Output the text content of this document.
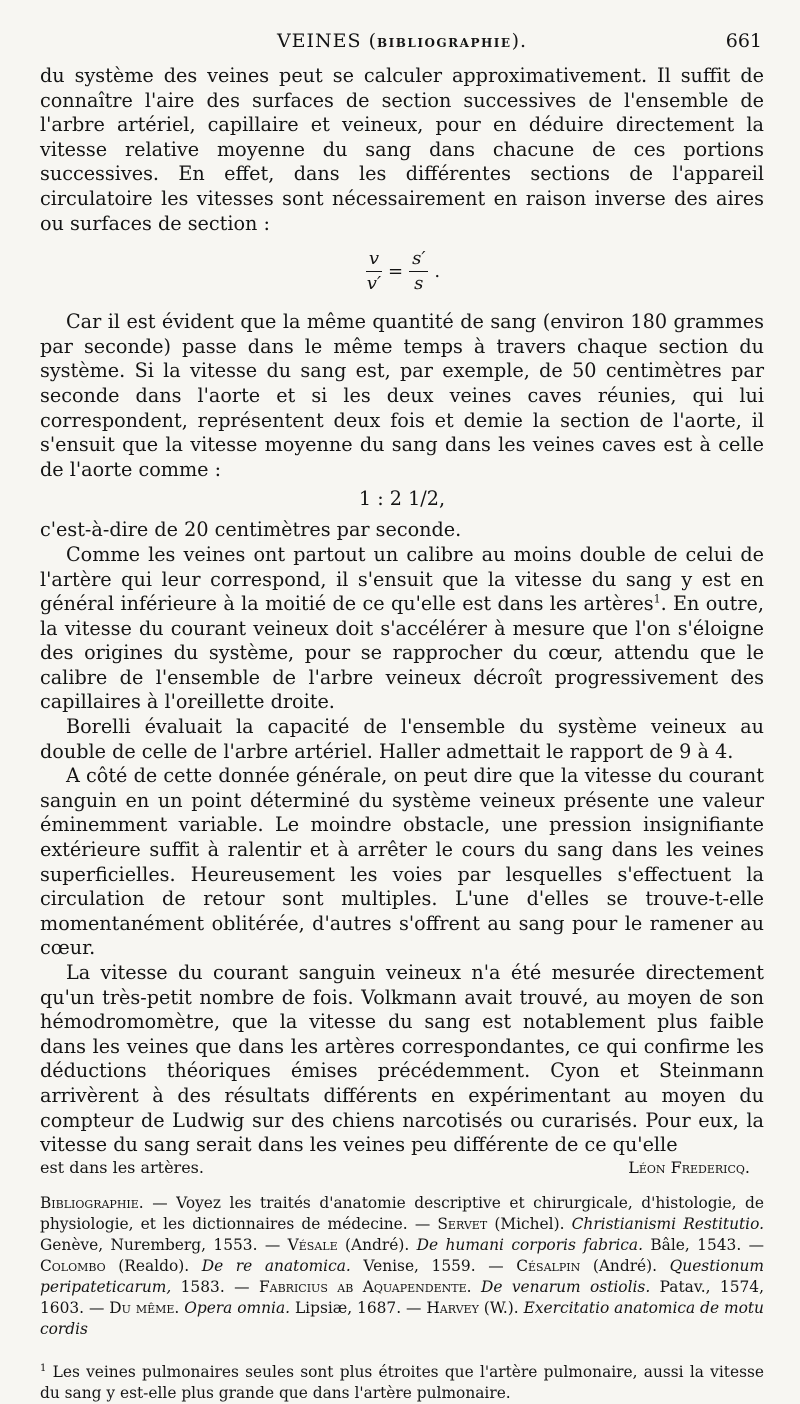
VEINES (BIBLIOGRAPHIE).	661

du système des veines peut se calculer approximativement. Il suffit de connaître l'aire des surfaces de section successives de l'ensemble de l'arbre artériel, capillaire et veineux, pour en déduire directement la vitesse relative moyenne du sang dans chacune de ces portions successives. En effet, dans les différentes sections de l'appareil circulatoire les vitesses sont nécessairement en raison inverse des aires ou surfaces de section :

$\frac{v}{v'} = \frac{s'}{s}$ .

Car il est évident que la même quantité de sang (environ 180 grammes par seconde) passe dans le même temps à travers chaque section du système. Si la vitesse du sang est, par exemple, de 50 centimètres par seconde dans l'aorte et si les deux veines caves réunies, qui lui correspondent, représentent deux fois et demie la section de l'aorte, il s'ensuit que la vitesse moyenne du sang dans les veines caves est à celle de l'aorte comme :

1 : 2 1/2,

c'est-à-dire de 20 centimètres par seconde.

Comme les veines ont partout un calibre au moins double de celui de l'artère qui leur correspond, il s'ensuit que la vitesse du sang y est en général inférieure à la moitié de ce qu'elle est dans les artères$^1$. En outre, la vitesse du courant veineux doit s'accélérer à mesure que l'on s'éloigne des origines du système, pour se rapprocher du cœur, attendu que le calibre de l'ensemble de l'arbre veineux décroît progressivement des capillaires à l'oreillette droite.

Borelli évaluait la capacité de l'ensemble du système veineux au double de celle de l'arbre artériel. Haller admettait le rapport de 9 à 4.

A côté de cette donnée générale, on peut dire que la vitesse du courant sanguin en un point déterminé du système veineux présente une valeur éminemment variable. Le moindre obstacle, une pression insignifiante extérieure suffit à ralentir et à arrêter le cours du sang dans les veines superficielles. Heureusement les voies par lesquelles s'effectuent la circulation de retour sont multiples. L'une d'elles se trouve-t-elle momentanément oblitérée, d'autres s'offrent au sang pour le ramener au cœur.

La vitesse du courant sanguin veineux n'a été mesurée directement qu'un très-petit nombre de fois. Volkmann avait trouvé, au moyen de son hémodromomètre, que la vitesse du sang est notablement plus faible dans les veines que dans les artères correspondantes, ce qui confirme les déductions théoriques émises précédemment. Cyon et Steinmann arrivèrent à des résultats différents en expérimentant au moyen du compteur de Ludwig sur des chiens narcotisés ou curarisés. Pour eux, la vitesse du sang serait dans les veines peu différente de ce qu'elle

est dans les artères.	Léon Fredericq.
Bibliographie. — Voyez les traités d'anatomie descriptive et chirurgicale, d'histologie, de physiologie, et les dictionnaires de médecine. — Servet (Michel). Christianismi Restitutio. Genève, Nuremberg, 1553. — Vésale (André). De humani corporis fabrica. Bâle, 1543. — Colombo (Realdo). De re anatomica. Venise, 1559. — Césalpin (André). Questionum peripateticarum, 1583. — Fabricius ab Aquapendente. De venarum ostiolis. Patav., 1574, 1603. — Du même. Opera omnia. Lipsiæ, 1687. — Harvey (W.). Exercitatio anatomica de motu cordis
$^1$ Les veines pulmonaires seules sont plus étroites que l'artère pulmonaire, aussi la vitesse du sang y est-elle plus grande que dans l'artère pulmonaire.
